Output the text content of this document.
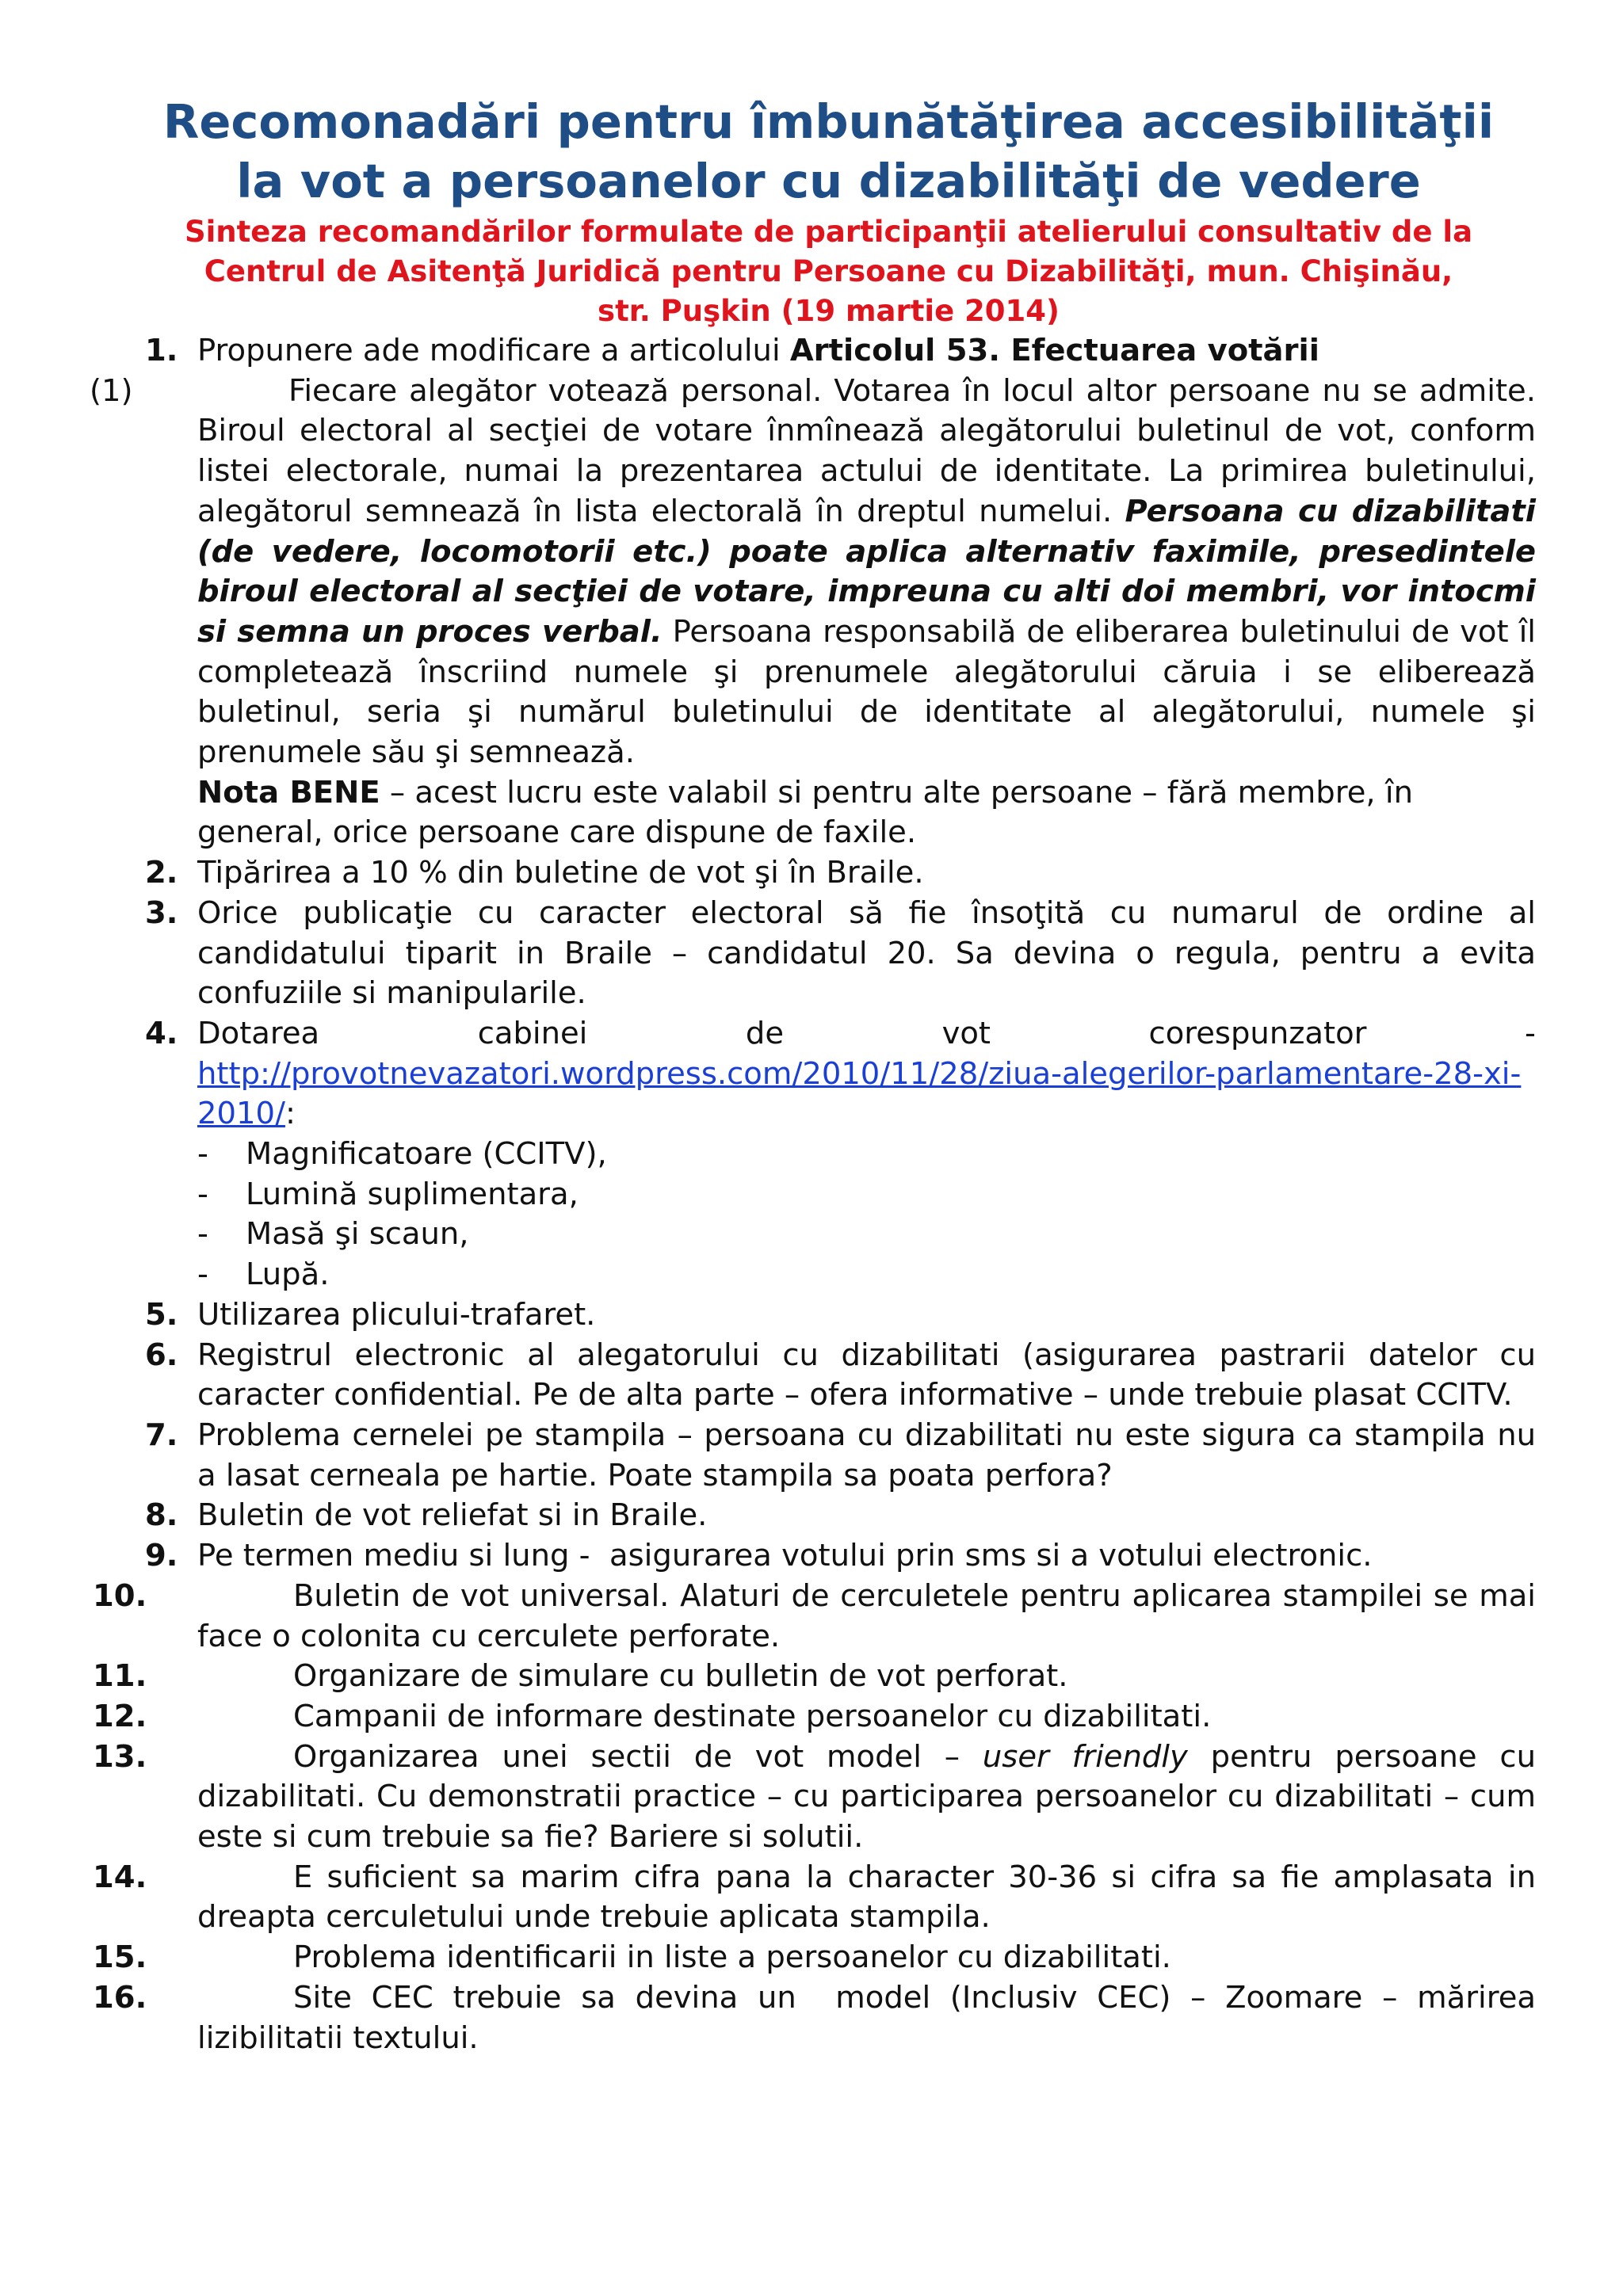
Recomonadări pentru îmbunătăţirea accesibilităţii
la vot a persoanelor cu dizabilităţi de vedere
Sinteza recomandărilor formulate de participanţii atelierului consultativ de la
Centrul de Asitenţă Juridică pentru Persoane cu Dizabilităţi, mun. Chişinău,
str. Puşkin (19 martie 2014)
1. Propunere ade modificare a articolului Articolul 53. Efectuarea votării
(1)	Fiecare alegător votează personal. Votarea în locul altor persoane nu se admite. Biroul electoral al secţiei de votare înmînează alegătorului buletinul de vot, conform listei electorale, numai la prezentarea actului de identitate. La primirea buletinului, alegătorul semnează în lista electorală în dreptul numelui. Persoana cu dizabilitati (de vedere, locomotorii etc.) poate aplica alternativ faximile, presedintele biroul electoral al secţiei de votare, impreuna cu alti doi membri, vor intocmi si semna un proces verbal. Persoana responsabilă de eliberarea buletinului de vot îl completează înscriind numele şi prenumele alegătorului căruia i se eliberează buletinul, seria şi numărul buletinului de identitate al alegătorului, numele şi prenumele său şi semnează.
Nota BENE – acest lucru este valabil si pentru alte persoane – fără membre, în general, orice persoane care dispune de faxile.
2. Tipărirea a 10 % din buletine de vot şi în Braile.
3. Orice publicaţie cu caracter electoral să fie însoţită cu numarul de ordine al candidatului tiparit in Braile – candidatul 20. Sa devina o regula, pentru a evita confuziile si manipularile.
4. Dotarea	cabinei	de	vot	corespunzator	-
http://provotnevazatori.wordpress.com/2010/11/28/ziua-alegerilor-parlamentare-28-xi-2010/:
- Magnificatoare (CCITV),
- Lumină suplimentara,
- Masă şi scaun,
- Lupă.
5. Utilizarea plicului-trafaret.
6. Registrul electronic al alegatorului cu dizabilitati (asigurarea pastrarii datelor cu caracter confidential. Pe de alta parte – ofera informative – unde trebuie plasat CCITV.
7. Problema cernelei pe stampila – persoana cu dizabilitati nu este sigura ca stampila nu a lasat cerneala pe hartie. Poate stampila sa poata perfora?
8. Buletin de vot reliefat si in Braile.
9. Pe termen mediu si lung -  asigurarea votului prin sms si a votului electronic.
10.	Buletin de vot universal. Alaturi de cerculetele pentru aplicarea stampilei se mai face o colonita cu cerculete perforate.
11.	Organizare de simulare cu bulletin de vot perforat.
12.	Campanii de informare destinate persoanelor cu dizabilitati.
13.	Organizarea unei sectii de vot model – user friendly pentru persoane cu dizabilitati. Cu demonstratii practice – cu participarea persoanelor cu dizabilitati – cum este si cum trebuie sa fie? Bariere si solutii.
14.	E suficient sa marim cifra pana la character 30-36 si cifra sa fie amplasata in dreapta cerculetului unde trebuie aplicata stampila.
15.	Problema identificarii in liste a persoanelor cu dizabilitati.
16.	Site CEC trebuie sa devina un  model (Inclusiv CEC) – Zoomare – mărirea lizibilitatii textului.
